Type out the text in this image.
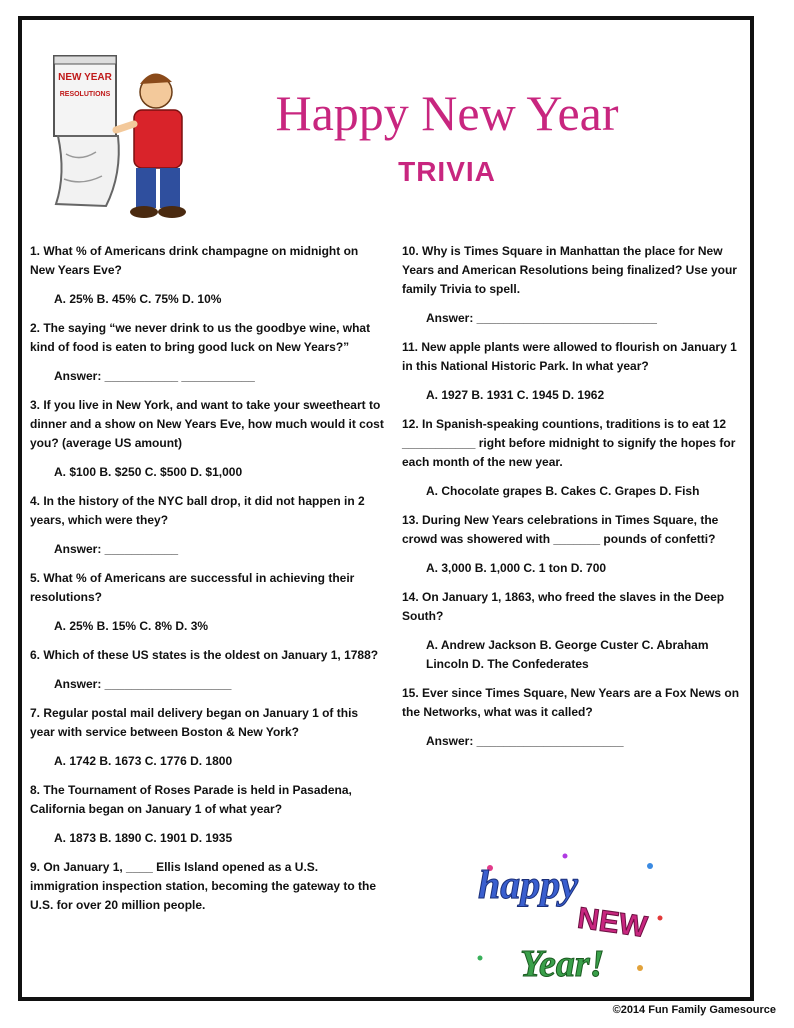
NEW YEAR
RESOLUTIONS	Happy New Year
TRIVIA
1. What % of Americans drink champagne on midnight on New Years Eve?
A. 25% B. 45% C. 75% D. 10%
2. The saying “we never drink to us the goodbye wine, what kind of food is eaten to bring good luck on New Years?”
Answer: ___________ ___________
3. If you live in New York, and want to take your sweetheart to dinner and a show on New Years Eve, how much would it cost you? (average US amount)
A. $100 B. $250 C. $500 D. $1,000
4. In the history of the NYC ball drop, it did not happen in 2 years, which were they?
Answer: ___________
5. What % of Americans are successful in achieving their resolutions?
A. 25% B. 15% C. 8% D. 3%
6. Which of these US states is the oldest on January 1, 1788?
Answer: ___________________
7. Regular postal mail delivery began on January 1 of this year with service between Boston & New York?
A. 1742 B. 1673 C. 1776 D. 1800
8. The Tournament of Roses Parade is held in Pasadena, California began on January 1 of what year?
A. 1873 B. 1890 C. 1901 D. 1935
9. On January 1, ____ Ellis Island opened as a U.S. immigration inspection station, becoming the gateway to the U.S. for over 20 million people.
10. Why is Times Square in Manhattan the place for New Years and American Resolutions being finalized? Use your family Trivia to spell.
Answer: ___________________________
11. New apple plants were allowed to flourish on January 1 in this National Historic Park. In what year?
A. 1927 B. 1931 C. 1945 D. 1962
12. In Spanish-speaking countions, traditions is to eat 12 ___________ right before midnight to signify the hopes for each month of the new year.
A. Chocolate grapes B. Cakes C. Grapes D. Fish
13. During New Years celebrations in Times Square, the crowd was showered with _______ pounds of confetti?
A. 3,000 B. 1,000 C. 1 ton D. 700
14. On January 1, 1863, who freed the slaves in the Deep South?
A. Andrew Jackson B. George Custer C. Abraham Lincoln D. The Confederates
15. Ever since Times Square, New Years are a Fox News on the Networks, what was it called?
Answer: ______________________
happy
NEW
Year!
©2014 Fun Family Gamesource
